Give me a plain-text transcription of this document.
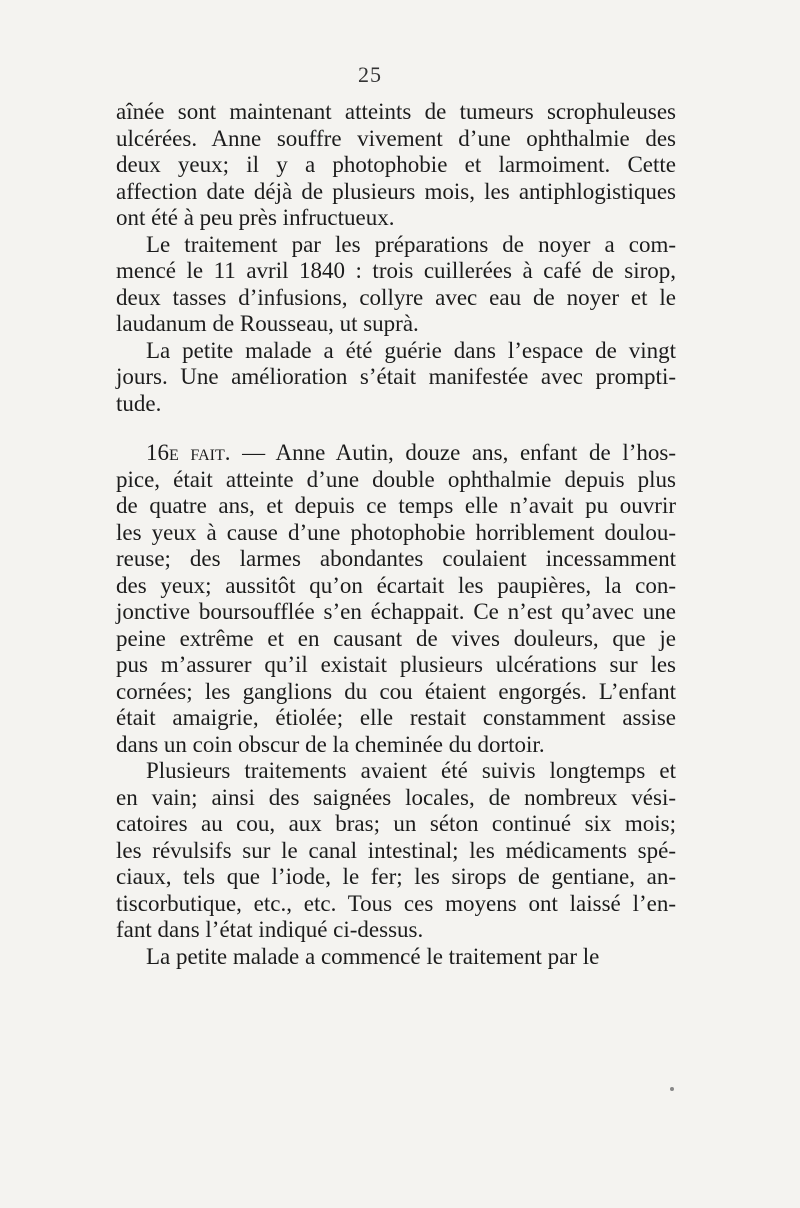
25
aînée sont maintenant atteints de tumeurs scrophuleuses
ulcérées. Anne souffre vivement d’une ophthalmie des
deux yeux; il y a photophobie et larmoiment. Cette
affection date déjà de plusieurs mois, les antiphlogistiques
ont été à peu près infructueux.
Le traitement par les préparations de noyer a com-
mencé le 11 avril 1840 : trois cuillerées à café de sirop,
deux tasses d’infusions, collyre avec eau de noyer et le
laudanum de Rousseau, ut suprà.
La petite malade a été guérie dans l’espace de vingt
jours. Une amélioration s’était manifestée avec prompti-
tude.
16e fait. — Anne Autin, douze ans, enfant de l’hos-
pice, était atteinte d’une double ophthalmie depuis plus
de quatre ans, et depuis ce temps elle n’avait pu ouvrir
les yeux à cause d’une photophobie horriblement doulou-
reuse; des larmes abondantes coulaient incessamment
des yeux; aussitôt qu’on écartait les paupières, la con-
jonctive boursoufflée s’en échappait. Ce n’est qu’avec une
peine extrême et en causant de vives douleurs, que je
pus m’assurer qu’il existait plusieurs ulcérations sur les
cornées; les ganglions du cou étaient engorgés. L’enfant
était amaigrie, étiolée; elle restait constamment assise
dans un coin obscur de la cheminée du dortoir.
Plusieurs traitements avaient été suivis longtemps et
en vain; ainsi des saignées locales, de nombreux vési-
catoires au cou, aux bras; un séton continué six mois;
les révulsifs sur le canal intestinal; les médicaments spé-
ciaux, tels que l’iode, le fer; les sirops de gentiane, an-
tiscorbutique, etc., etc. Tous ces moyens ont laissé l’en-
fant dans l’état indiqué ci-dessus.
La petite malade a commencé le traitement par le
